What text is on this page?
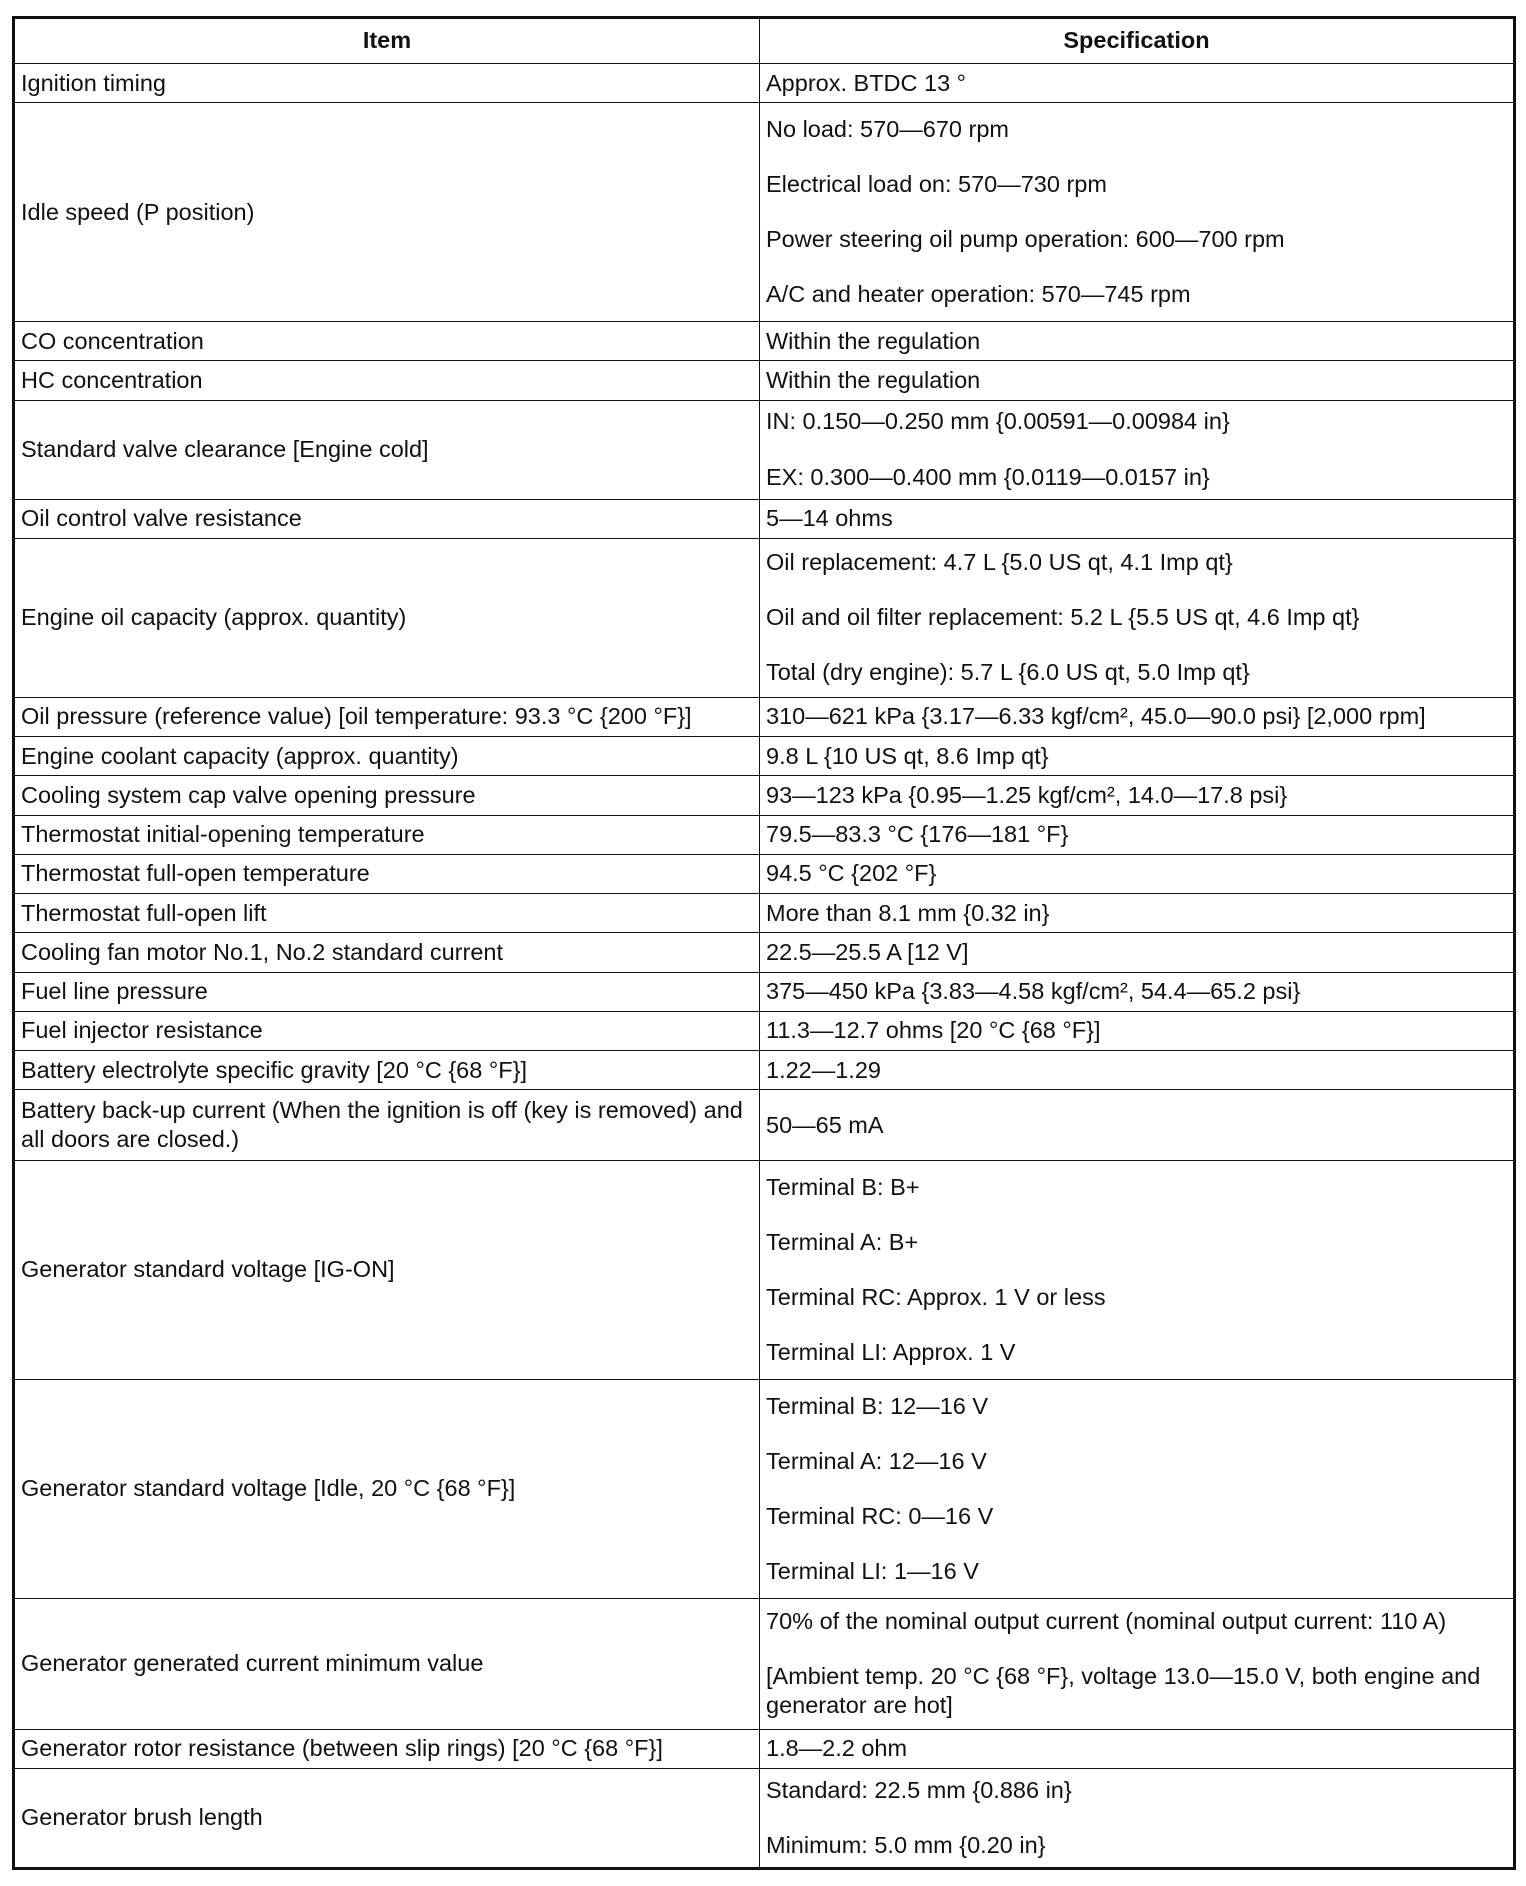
Item	Specification
Ignition timing	Approx. BTDC 13 °

Idle speed (P position)	No load: 570—670 rpm
Electrical load on: 570—730 rpm
Power steering oil pump operation: 600—700 rpm
A/C and heater operation: 570—745 rpm

CO concentration	Within the regulation

HC concentration	Within the regulation

Standard valve clearance [Engine cold]	IN: 0.150—0.250 mm {0.00591—0.00984 in}
EX: 0.300—0.400 mm {0.0119—0.0157 in}

Oil control valve resistance	5—14 ohms

Engine oil capacity (approx. quantity)	Oil replacement: 4.7 L {5.0 US qt, 4.1 Imp qt}
Oil and oil filter replacement: 5.2 L {5.5 US qt, 4.6 Imp qt}
Total (dry engine): 5.7 L {6.0 US qt, 5.0 Imp qt}

Oil pressure (reference value) [oil temperature: 93.3 °C {200 °F}]	310—621 kPa {3.17—6.33 kgf/cm², 45.0—90.0 psi} [2,000 rpm]

Engine coolant capacity (approx. quantity)	9.8 L {10 US qt, 8.6 Imp qt}

Cooling system cap valve opening pressure	93—123 kPa {0.95—1.25 kgf/cm², 14.0—17.8 psi}

Thermostat initial-opening temperature	79.5—83.3 °C {176—181 °F}

Thermostat full-open temperature	94.5 °C {202 °F}

Thermostat full-open lift	More than 8.1 mm {0.32 in}

Cooling fan motor No.1, No.2 standard current	22.5—25.5 A [12 V]

Fuel line pressure	375—450 kPa {3.83—4.58 kgf/cm², 54.4—65.2 psi}

Fuel injector resistance	11.3—12.7 ohms [20 °C {68 °F}]

Battery electrolyte specific gravity [20 °C {68 °F}]	1.22—1.29

Battery back-up current (When the ignition is off (key is removed) and all doors are closed.)	50—65 mA

Generator standard voltage [IG-ON]	Terminal B: B+
Terminal A: B+
Terminal RC: Approx. 1 V or less
Terminal LI: Approx. 1 V

Generator standard voltage [Idle, 20 °C {68 °F}]	Terminal B: 12—16 V
Terminal A: 12—16 V
Terminal RC: 0—16 V
Terminal LI: 1—16 V

Generator generated current minimum value	70% of the nominal output current (nominal output current: 110 A)
[Ambient temp. 20 °C {68 °F}, voltage 13.0—15.0 V, both engine and generator are hot]

Generator rotor resistance (between slip rings) [20 °C {68 °F}]	1.8—2.2 ohm

Generator brush length	Standard: 22.5 mm {0.886 in}
Minimum: 5.0 mm {0.20 in}
